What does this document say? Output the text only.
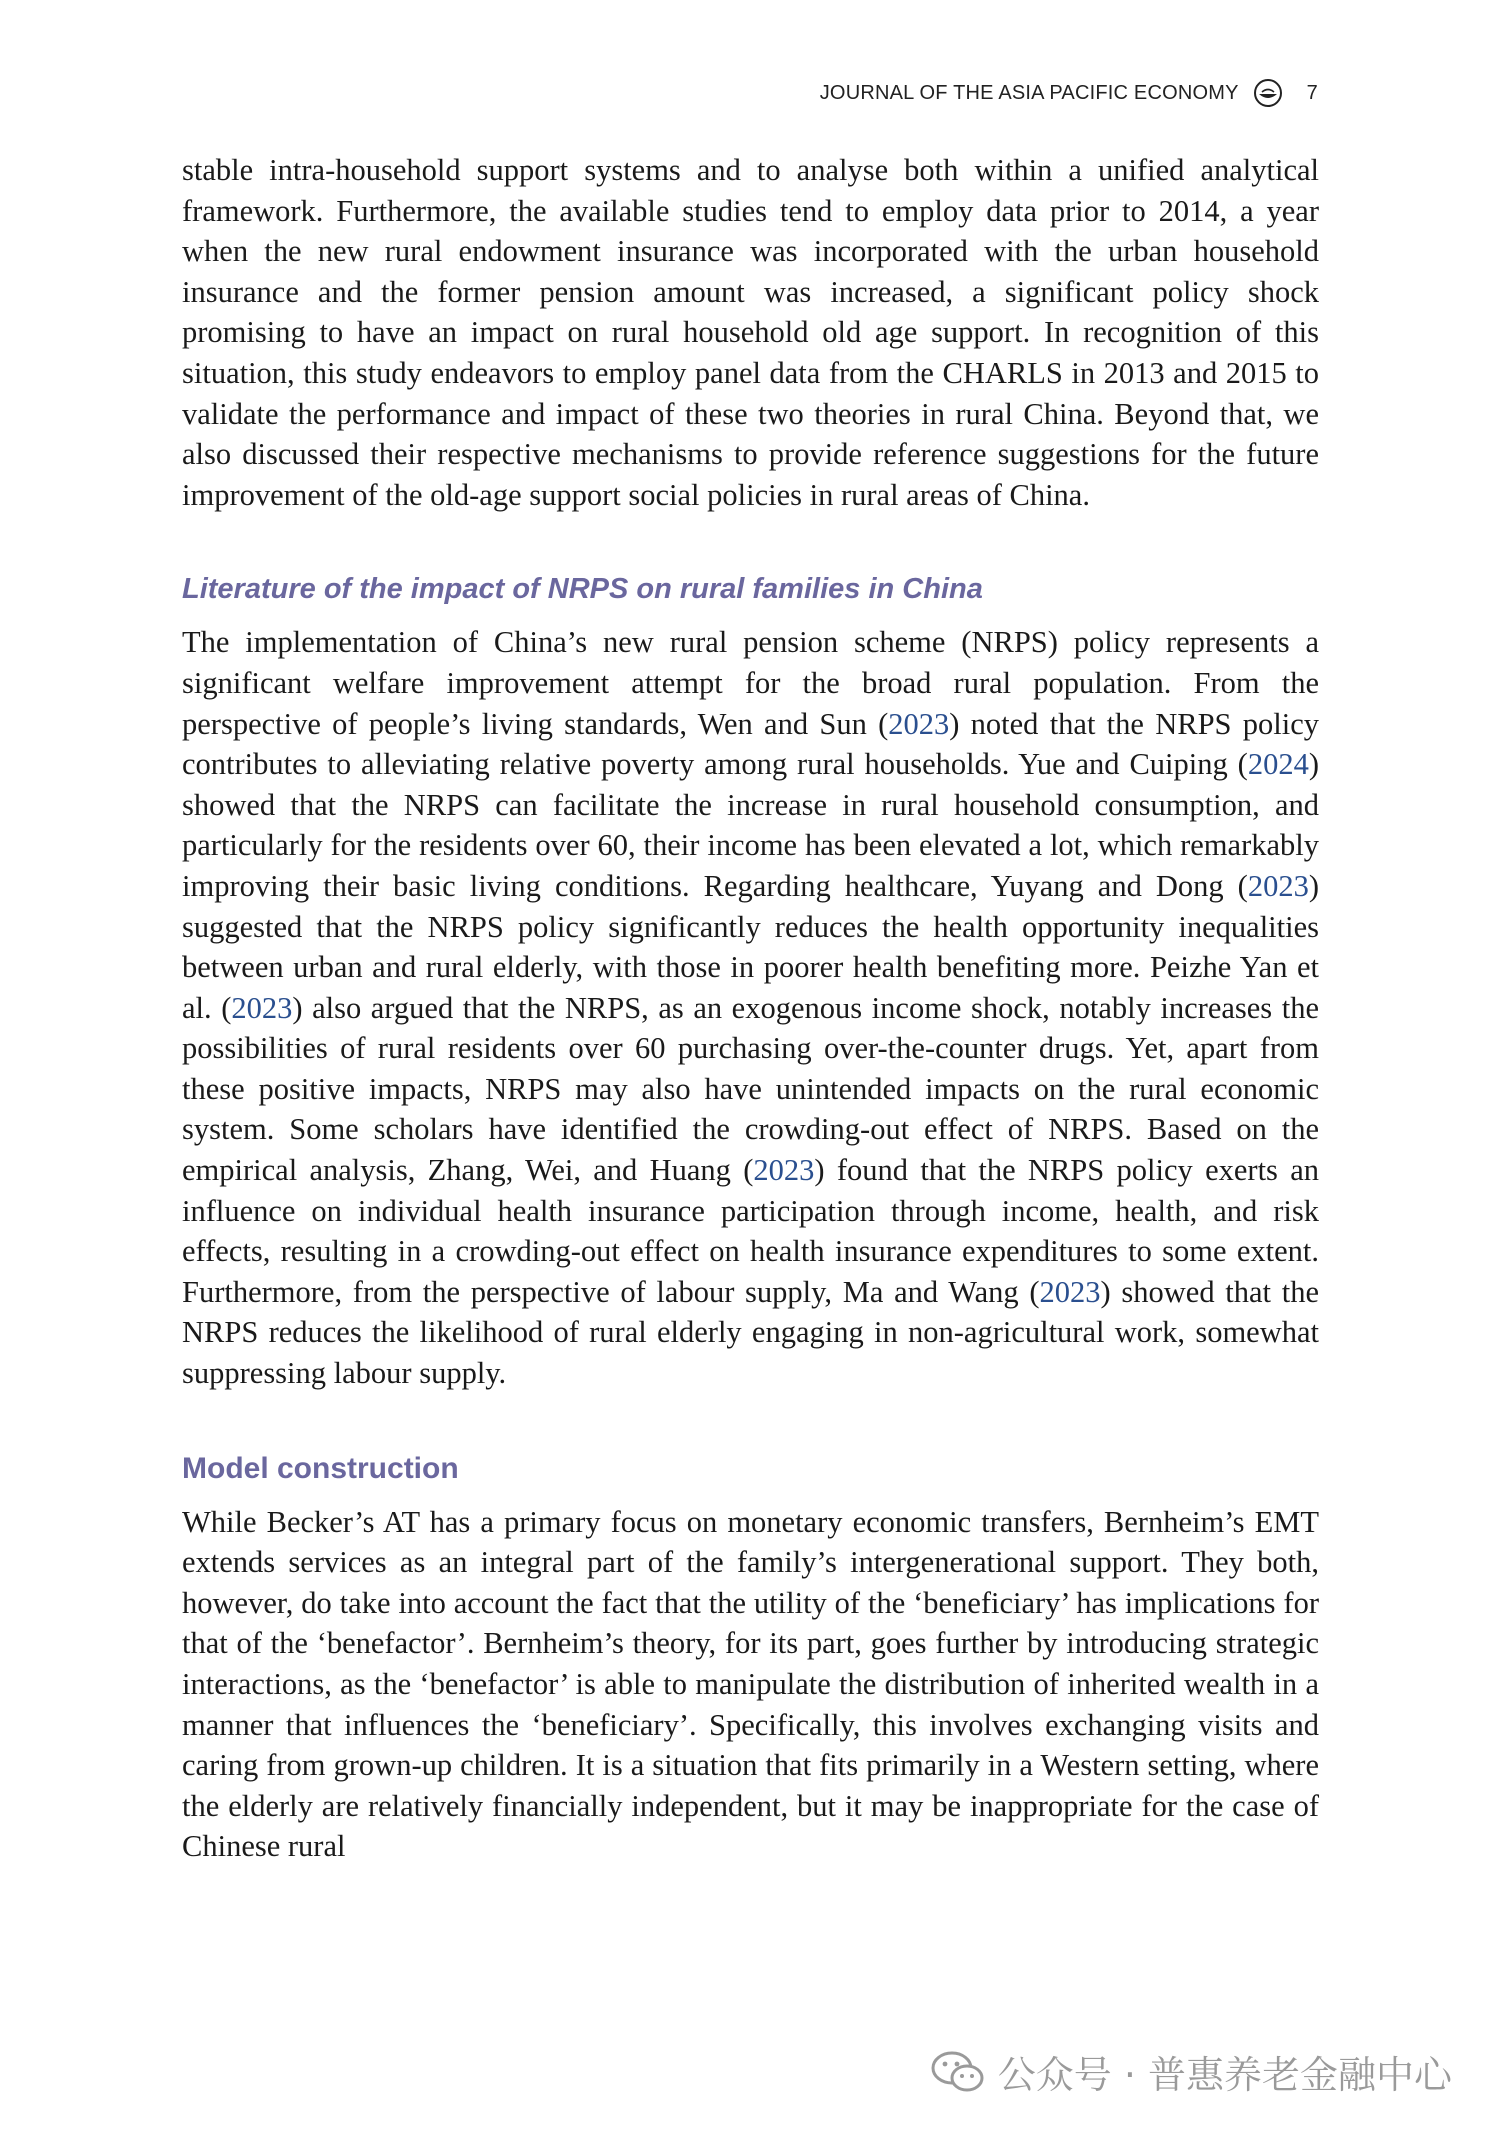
JOURNAL OF THE ASIA PACIFIC ECONOMY	7

stable intra-household support systems and to analyse both within a unified analytical framework. Furthermore, the available studies tend to employ data prior to 2014, a year when the new rural endowment insurance was incorporated with the urban household insurance and the former pension amount was increased, a significant policy shock promising to have an impact on rural household old age support. In recognition of this situation, this study endeavors to employ panel data from the CHARLS in 2013 and 2015 to validate the performance and impact of these two theories in rural China. Beyond that, we also discussed their respective mechanisms to provide reference suggestions for the future improvement of the old-age support social policies in rural areas of China.

Literature of the impact of NRPS on rural families in China

The implementation of China’s new rural pension scheme (NRPS) policy represents a significant welfare improvement attempt for the broad rural population. From the perspective of people’s living standards, Wen and Sun (2023) noted that the NRPS policy contributes to alleviating relative poverty among rural households. Yue and Cuiping (2024) showed that the NRPS can facilitate the increase in rural household consumption, and particularly for the residents over 60, their income has been elevated a lot, which remarkably improving their basic living conditions. Regarding healthcare, Yuyang and Dong (2023) suggested that the NRPS policy significantly reduces the health opportunity inequalities between urban and rural elderly, with those in poorer health benefiting more. Peizhe Yan et al. (2023) also argued that the NRPS, as an exogenous income shock, notably increases the possibilities of rural residents over 60 purchasing over-the-counter drugs. Yet, apart from these positive impacts, NRPS may also have unintended impacts on the rural economic system. Some scholars have identified the crowding-out effect of NRPS. Based on the empirical analysis, Zhang, Wei, and Huang (2023) found that the NRPS policy exerts an influence on individual health insurance participation through income, health, and risk effects, resulting in a crowding-out effect on health insurance expenditures to some extent. Furthermore, from the perspective of labour supply, Ma and Wang (2023) showed that the NRPS reduces the likelihood of rural elderly engaging in non-agricultural work, somewhat suppressing labour supply.

Model construction

While Becker’s AT has a primary focus on monetary economic transfers, Bernheim’s EMT extends services as an integral part of the family’s intergenerational support. They both, however, do take into account the fact that the utility of the ‘beneficiary’ has implications for that of the ‘benefactor’. Bernheim’s theory, for its part, goes further by introducing strategic interactions, as the ‘benefactor’ is able to manipulate the distribution of inherited wealth in a manner that influences the ‘beneficiary’. Specifically, this involves exchanging visits and caring from grown-up children. It is a situation that fits primarily in a Western setting, where the elderly are relatively financially independent, but it may be inappropriate for the case of Chinese rural

公众号 · 普惠养老金融中心
